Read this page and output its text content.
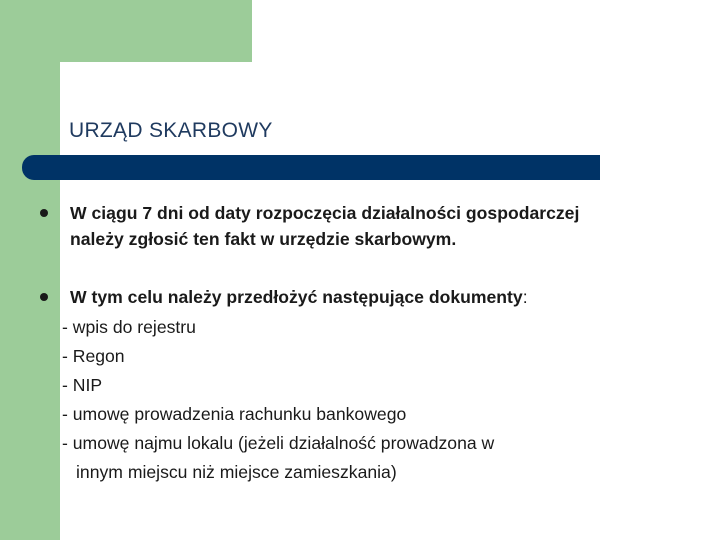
URZĄD SKARBOWY
W ciągu 7 dni od daty rozpoczęcia działalności gospodarczej
należy zgłosić ten fakt w urzędzie skarbowym.
W tym celu należy przedłożyć następujące dokumenty:
- wpis do rejestru
- Regon
- NIP
- umowę prowadzenia rachunku bankowego
- umowę najmu lokalu (jeżeli działalność prowadzona w
innym miejscu niż miejsce zamieszkania)
